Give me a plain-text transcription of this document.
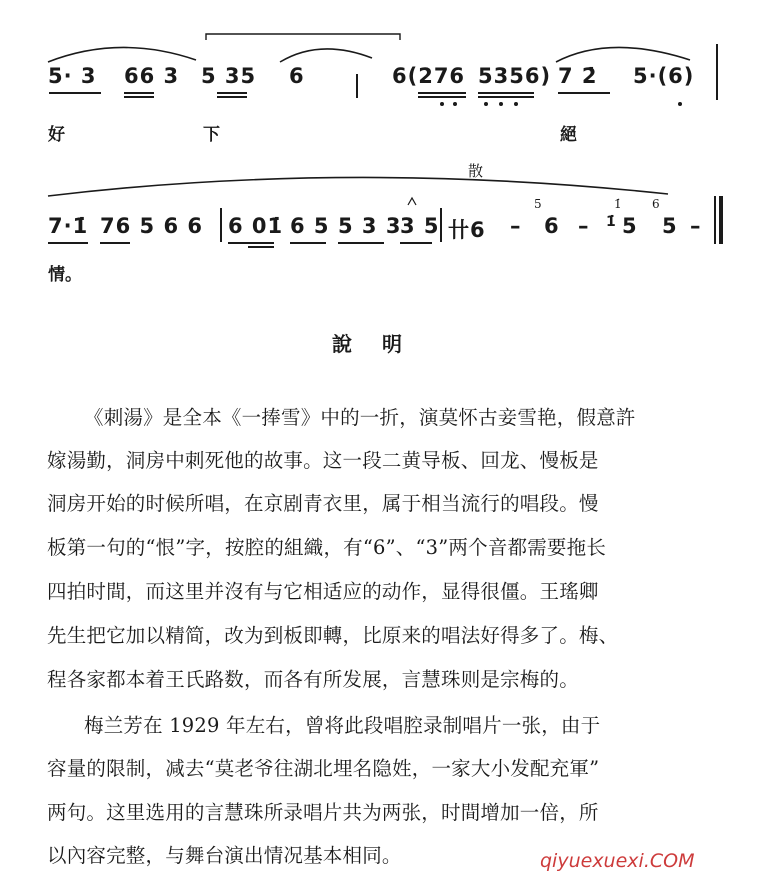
5· 3 66 3 5 35 6	6(276 5356) 7 2̇ 5·(6)
好	下	絕
散
7·1̇ 76 5 6 6 6 01̇ 6 5 5 3 3
3 5 卄6 –
5
6 –
1̇
1̇ 5
6
5 –
情。
說明
《刺湯》是全本《一捧雪》中的一折，演莫怀古妾雪艳，假意許
嫁湯勤，洞房中刺死他的故事。这一段二黄导板、回龙、慢板是
洞房开始的时候所唱，在京剧青衣里，属于相当流行的唱段。慢
板第一句的“恨”字，按腔的組織，有“6”、“3”两个音都需要拖长
四拍时間，而这里并沒有与它相适应的动作，显得很僵。王瑤卿
先生把它加以精简，改为到板即轉，比原来的唱法好得多了。梅、
程各家都本着王氏路数，而各有所发展，言慧珠则是宗梅的。
梅兰芳在 1929 年左右，曾将此段唱腔录制唱片一张，由于
容量的限制，减去“莫老爷往湖北埋名隐姓，一家大小发配充軍”
两句。这里选用的言慧珠所录唱片共为两张，时間增加一倍，所
以內容完整，与舞台演出情况基本相同。	qiyuexuexi.COM
